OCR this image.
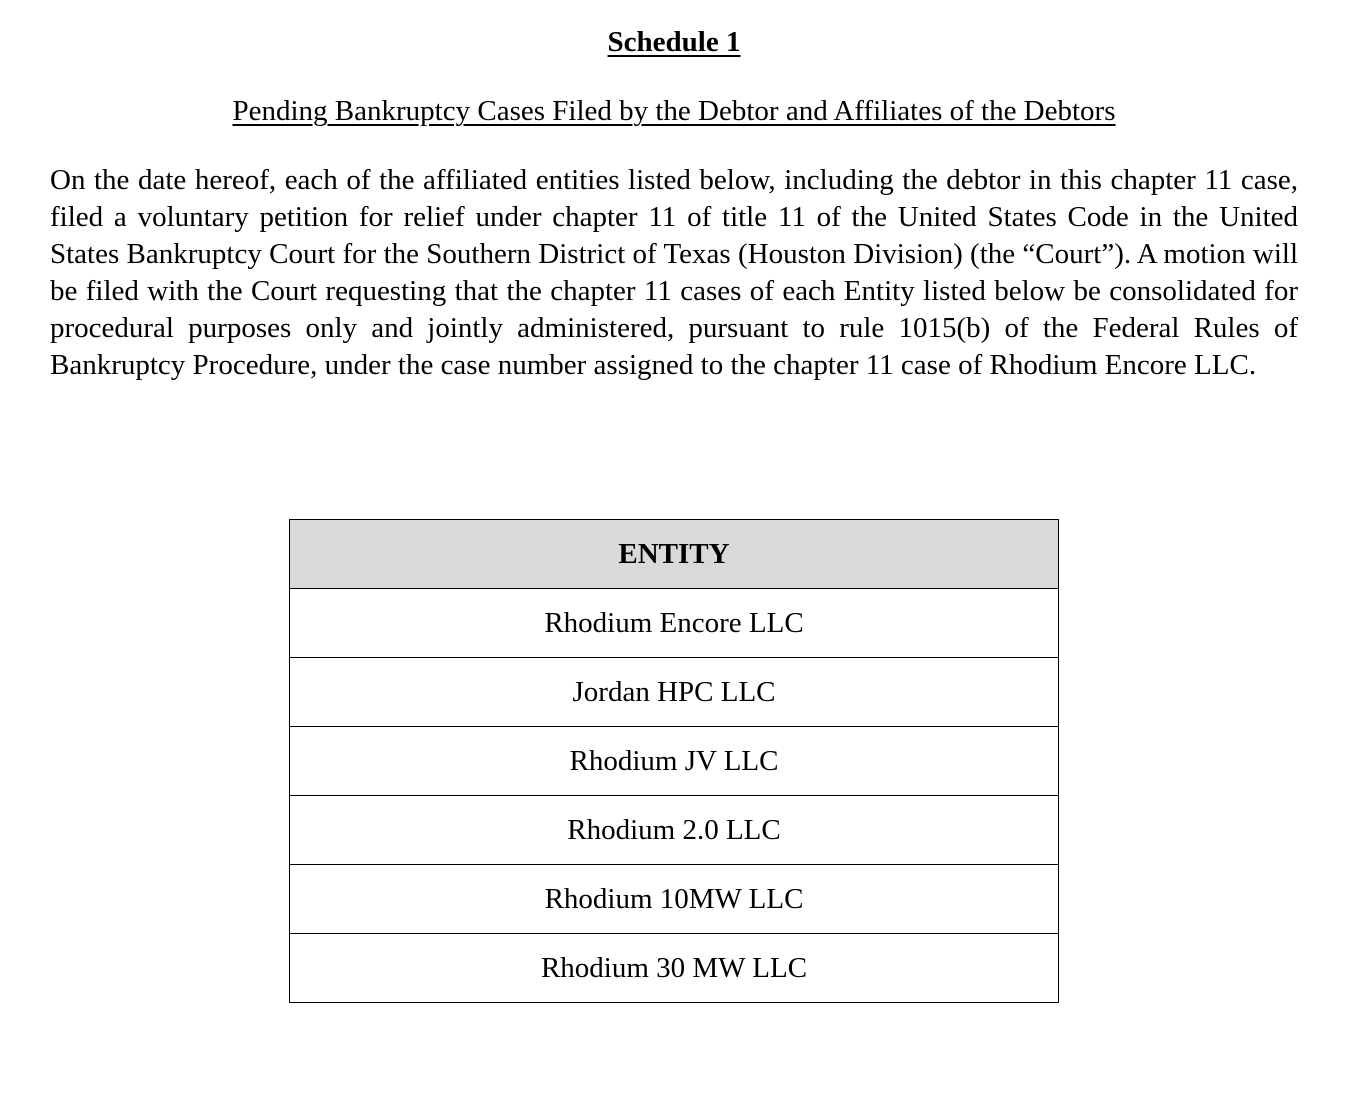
Schedule 1
Pending Bankruptcy Cases Filed by the Debtor and Affiliates of the Debtors

On the date hereof, each of the affiliated entities listed below, including the debtor in this chapter 11 case, filed a voluntary petition for relief under chapter 11 of title 11 of the United States Code in the United States Bankruptcy Court for the Southern District of Texas (Houston Division) (the “Court”). A motion will be filed with the Court requesting that the chapter 11 cases of each Entity listed below be consolidated for procedural purposes only and jointly administered, pursuant to rule 1015(b) of the Federal Rules of Bankruptcy Procedure, under the case number assigned to the chapter 11 case of Rhodium Encore LLC.

ENTITY
Rhodium Encore LLC
Jordan HPC LLC
Rhodium JV LLC
Rhodium 2.0 LLC
Rhodium 10MW LLC
Rhodium 30 MW LLC
